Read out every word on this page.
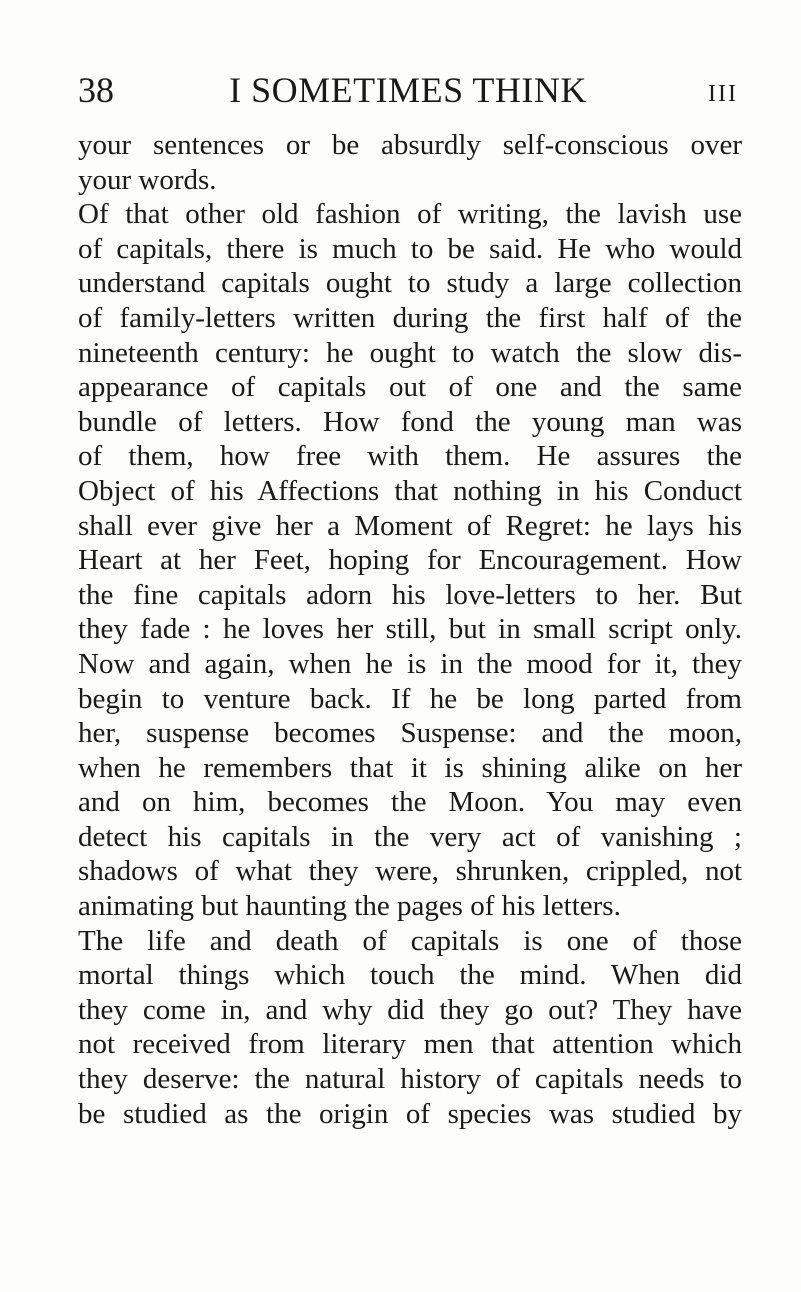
38	I SOMETIMES THINK	III
your sentences or be absurdly self-conscious over
your words.
Of that other old fashion of writing, the lavish use
of capitals, there is much to be said. He who would
understand capitals ought to study a large collection
of family-letters written during the first half of the
nineteenth century: he ought to watch the slow dis-
appearance of capitals out of one and the same
bundle of letters. How fond the young man was
of them, how free with them. He assures the
Object of his Affections that nothing in his Conduct
shall ever give her a Moment of Regret: he lays his
Heart at her Feet, hoping for Encouragement. How
the fine capitals adorn his love-letters to her. But
they fade : he loves her still, but in small script only.
Now and again, when he is in the mood for it, they
begin to venture back. If he be long parted from
her, suspense becomes Suspense: and the moon,
when he remembers that it is shining alike on her
and on him, becomes the Moon. You may even
detect his capitals in the very act of vanishing ;
shadows of what they were, shrunken, crippled, not
animating but haunting the pages of his letters.
The life and death of capitals is one of those
mortal things which touch the mind. When did
they come in, and why did they go out? They have
not received from literary men that attention which
they deserve: the natural history of capitals needs to
be studied as the origin of species was studied by
